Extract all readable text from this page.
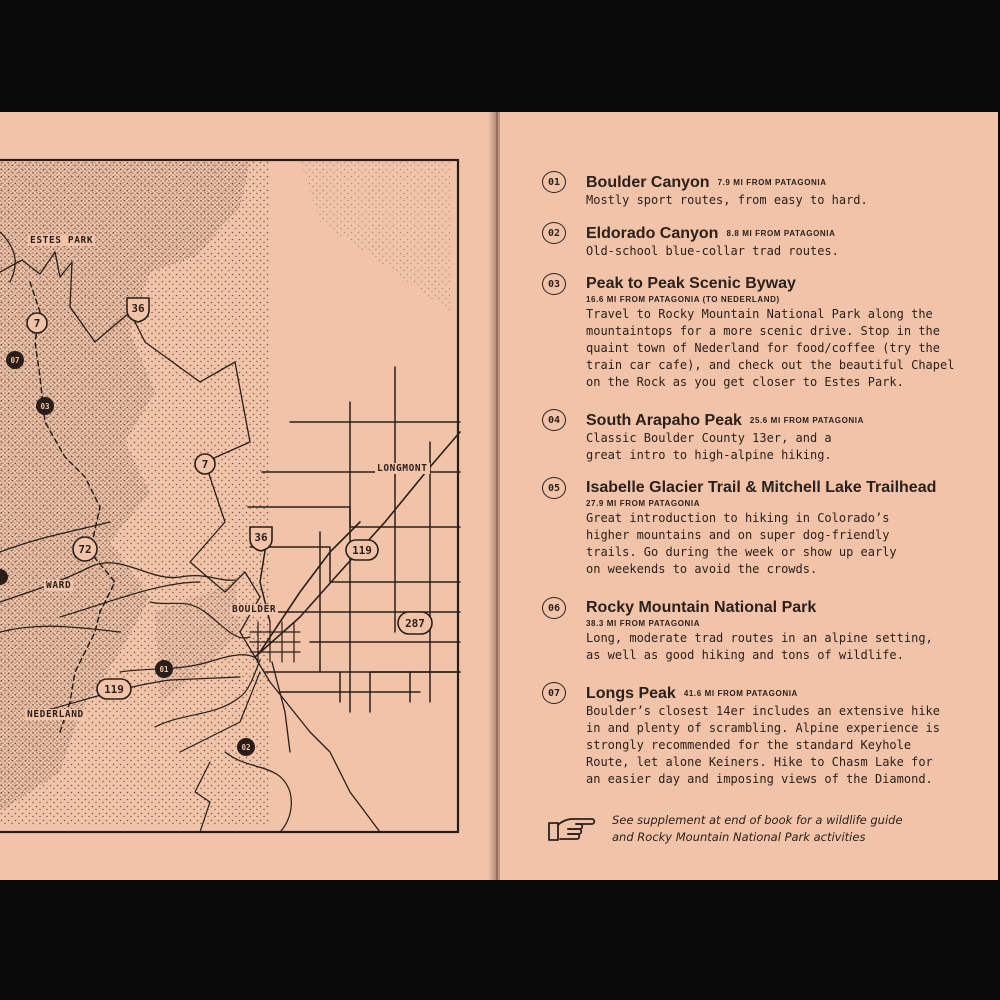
36
7
7
72
36
119
287
119
07
03
01
02
ESTES PARK
LONGMONT
WARD
BOULDER
NEDERLAND
01	Boulder Canyon 7.9 MI FROM PATAGONIA
Mostly sport routes, from easy to hard.
02	Eldorado Canyon 8.8 MI FROM PATAGONIA
Old-school blue-collar trad routes.
03	Peak to Peak Scenic Byway
16.6 MI FROM PATAGONIA (TO NEDERLAND)
Travel to Rocky Mountain National Park along the
mountaintops for a more scenic drive. Stop in the
quaint town of Nederland for food/coffee (try the
train car cafe), and check out the beautiful Chapel
on the Rock as you get closer to Estes Park.
04	South Arapaho Peak 25.6 MI FROM PATAGONIA
Classic Boulder County 13er, and a
great intro to high-alpine hiking.
05	Isabelle Glacier Trail & Mitchell Lake Trailhead
27.9 MI FROM PATAGONIA
Great introduction to hiking in Colorado’s
higher mountains and on super dog-friendly
trails. Go during the week or show up early
on weekends to avoid the crowds.
06	Rocky Mountain National Park
38.3 MI FROM PATAGONIA
Long, moderate trad routes in an alpine setting,
as well as good hiking and tons of wildlife.
07	Longs Peak 41.6 MI FROM PATAGONIA
Boulder’s closest 14er includes an extensive hike
in and plenty of scrambling. Alpine experience is
strongly recommended for the standard Keyhole
Route, let alone Keiners. Hike to Chasm Lake for
an easier day and imposing views of the Diamond.
See supplement at end of book for a wildlife guide
and Rocky Mountain National Park activities
